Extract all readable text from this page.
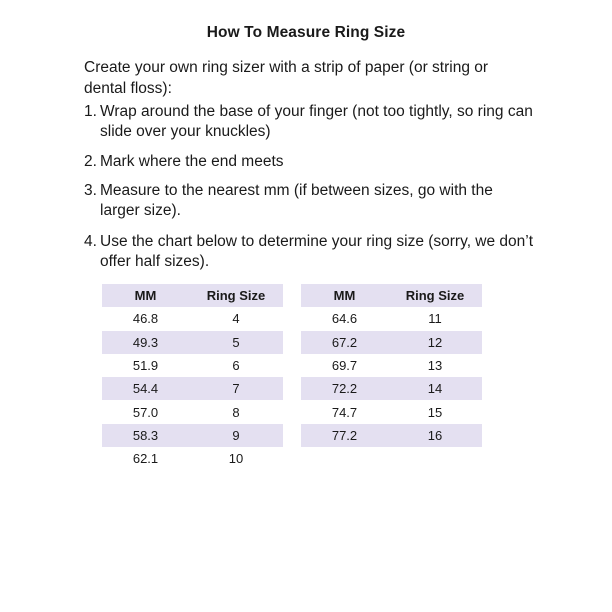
How To Measure Ring Size
Create your own ring sizer with a strip of paper (or string or dental floss):
1. Wrap around the base of your finger (not too tightly, so ring can slide over your knuckles)
2. Mark where the end meets
3. Measure to the nearest mm (if between sizes, go with the larger size).
4. Use the chart below to determine your ring size (sorry, we don’t offer half sizes).
MM	Ring Size
46.8	4
49.3	5
51.9	6
54.4	7
57.0	8
58.3	9
62.1	10
MM	Ring Size
64.6	11
67.2	12
69.7	13
72.2	14
74.7	15
77.2	16
